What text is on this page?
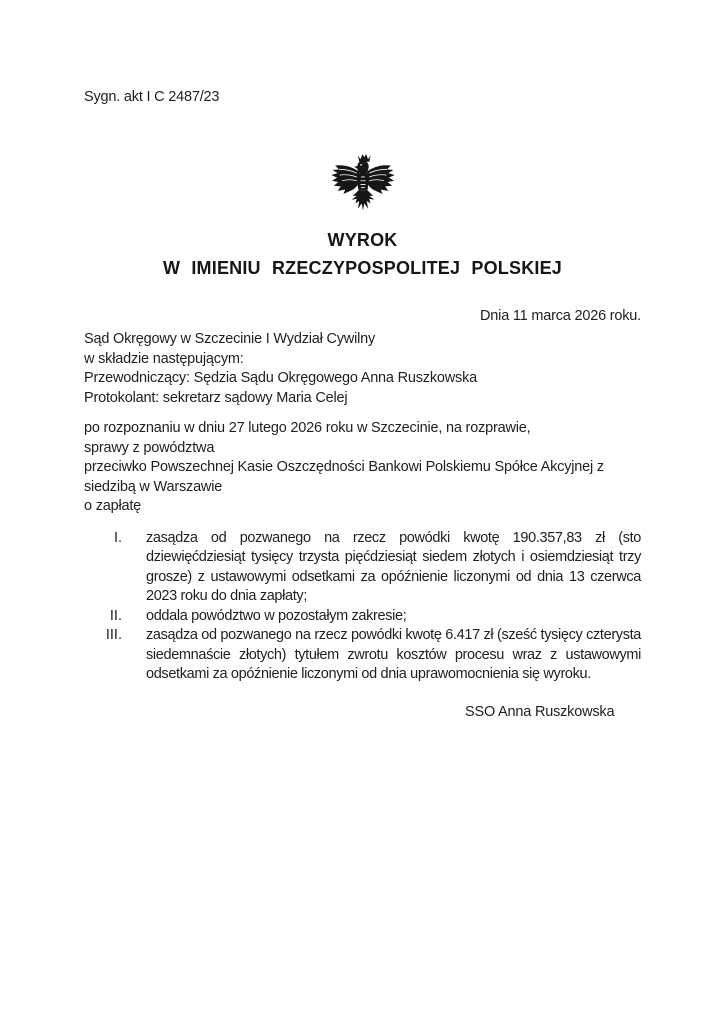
Sygn. akt I C 2487/23
WYROK
W IMIENIU RZECZYPOSPOLITEJ POLSKIEJ
Dnia 11 marca 2026 roku.
Sąd Okręgowy w Szczecinie I Wydział Cywilny
w składzie następującym:
Przewodniczący: Sędzia Sądu Okręgowego Anna Ruszkowska
Protokolant: sekretarz sądowy Maria Celej
po rozpoznaniu w dniu 27 lutego 2026 roku w Szczecinie, na rozprawie,
sprawy z powództwa
przeciwko Powszechnej Kasie Oszczędności Bankowi Polskiemu Spółce Akcyjnej z siedzibą w Warszawie
o zapłatę
I. zasądza od pozwanego na rzecz powódki kwotę 190.357,83 zł (sto dziewięćdziesiąt tysięcy trzysta pięćdziesiąt siedem złotych i osiemdziesiąt trzy grosze) z ustawowymi odsetkami za opóźnienie liczonymi od dnia 13 czerwca 2023 roku do dnia zapłaty;
II. oddala powództwo w pozostałym zakresie;
III. zasądza od pozwanego na rzecz powódki kwotę 6.417 zł (sześć tysięcy czterysta siedemnaście złotych) tytułem zwrotu kosztów procesu wraz z ustawowymi odsetkami za opóźnienie liczonymi od dnia uprawomocnienia się wyroku.
SSO Anna Ruszkowska
